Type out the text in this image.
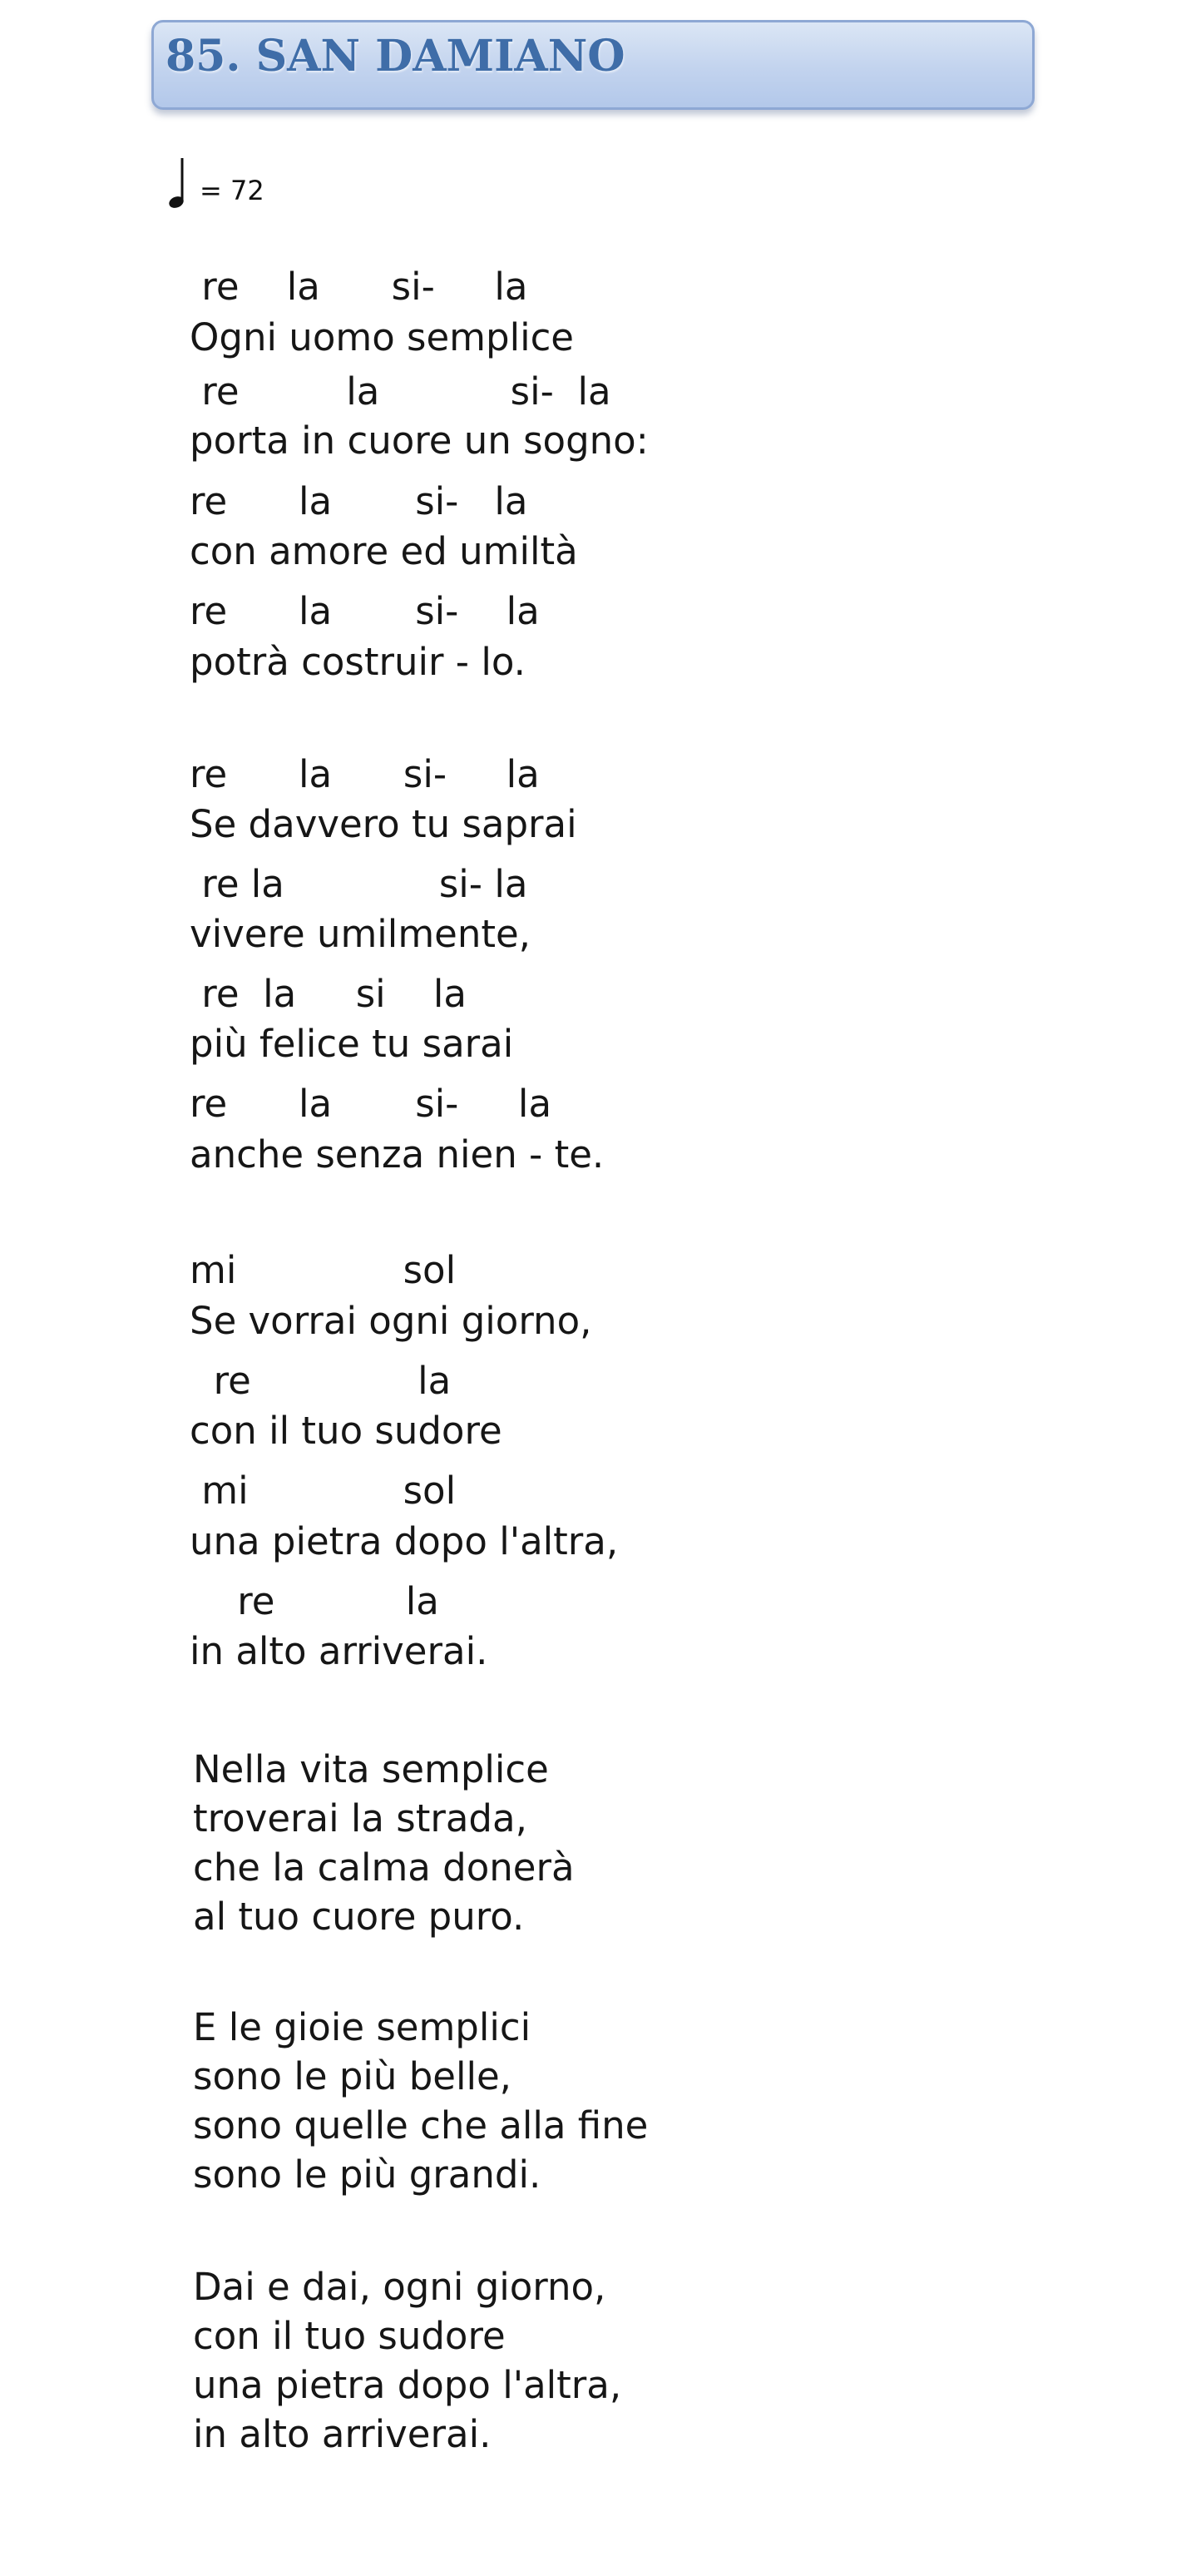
85. SAN DAMIANO
= 72
re    la      si-     la
Ogni uomo semplice
re         la           si-  la
porta in cuore un sogno:
re      la       si-   la
con amore ed umiltà
re      la       si-    la
potrà costruir - lo.
re      la      si-     la
Se davvero tu saprai
re la             si- la
vivere umilmente,
re  la     si    la
più felice tu sarai
re      la       si-     la
anche senza nien - te.
mi              sol
Se vorrai ogni giorno,
re              la
con il tuo sudore
mi             sol
una pietra dopo l'altra,
re           la
in alto arriverai.
Nella vita semplice
troverai la strada,
che la calma donerà
al tuo cuore puro.
E le gioie semplici
sono le più belle,
sono quelle che alla fine
sono le più grandi.
Dai e dai, ogni giorno,
con il tuo sudore
una pietra dopo l'altra,
in alto arriverai.
